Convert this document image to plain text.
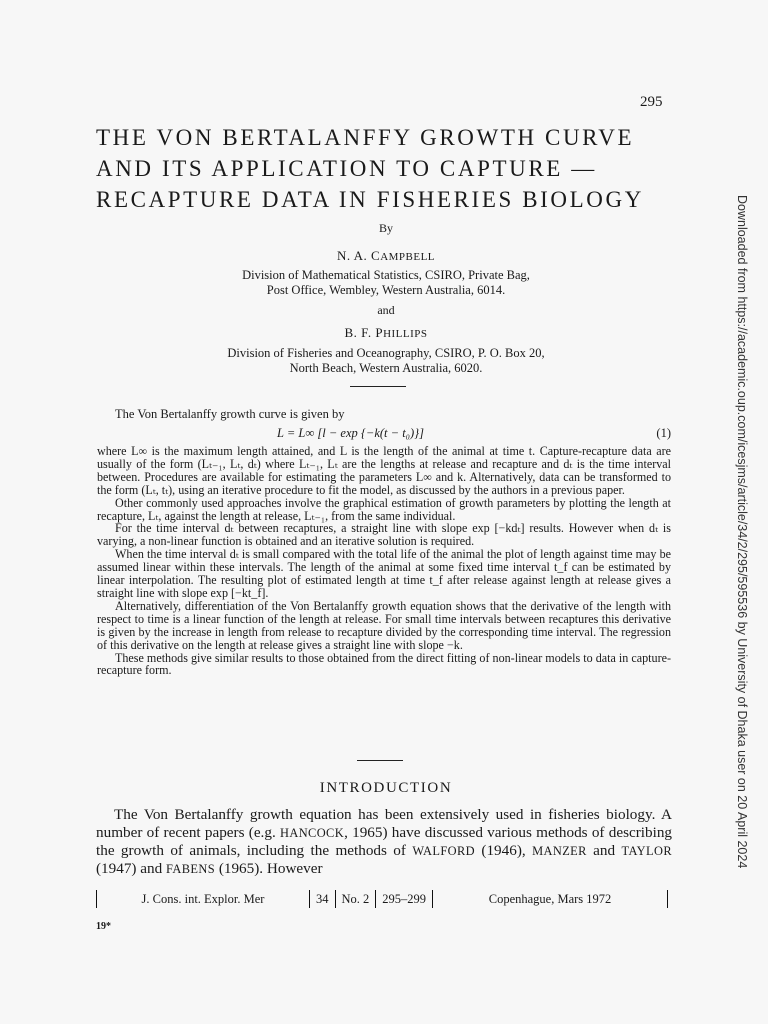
295
THE VON BERTALANFFY GROWTH CURVE
AND ITS APPLICATION TO CAPTURE —
RECAPTURE DATA IN FISHERIES BIOLOGY
By
N. A. CAMPBELL
Division of Mathematical Statistics, CSIRO, Private Bag,
Post Office, Wembley, Western Australia, 6014.
and
B. F. PHILLIPS
Division of Fisheries and Oceanography, CSIRO, P. O. Box 20,
North Beach, Western Australia, 6020.
The Von Bertalanffy growth curve is given by
L = L∞ [l − exp {−k(t − t₀)}]	(1)

where L∞ is the maximum length attained, and L is the length of the animal at time t. Capture-recapture data are usually of the form (Lₜ₋₁, Lₜ, dₜ) where Lₜ₋₁, Lₜ are the lengths at release and recapture and dₜ is the time interval between. Procedures are available for estimating the parameters L∞ and k. Alternatively, data can be transformed to the form (Lₜ, tₜ), using an iterative procedure to fit the model, as discussed by the authors in a previous paper.

Other commonly used approaches involve the graphical estimation of growth parameters by plotting the length at recapture, Lₜ, against the length at release, Lₜ₋₁, from the same individual.

For the time interval dₜ between recaptures, a straight line with slope exp [−kdₜ] results. However when dₜ is varying, a non-linear function is obtained and an iterative solution is required.

When the time interval dₜ is small compared with the total life of the animal the plot of length against time may be assumed linear within these intervals. The length of the animal at some fixed time interval t_f can be estimated by linear interpolation. The resulting plot of estimated length at time t_f after release against length at release gives a straight line with slope exp [−kt_f].

Alternatively, differentiation of the Von Bertalanffy growth equation shows that the derivative of the length with respect to time is a linear function of the length at release. For small time intervals between recaptures this derivative is given by the increase in length from release to recapture divided by the corresponding time interval. The regression of this derivative on the length at release gives a straight line with slope −k.

These methods give similar results to those obtained from the direct fitting of non-linear models to data in capture-recapture form.

INTRODUCTION

The Von Bertalanffy growth equation has been extensively used in fisheries biology. A number of recent papers (e.g. HANCOCK, 1965) have discussed various methods of describing the growth of animals, including the methods of WALFORD (1946), MANZER and TAYLOR (1947) and FABENS (1965). However

J. Cons. int. Explor. Mer	34	No. 2	295–299	Copenhague, Mars 1972
19*
Downloaded from https://academic.oup.com/icesjms/article/34/2/295/595536 by University of Dhaka user on 20 April 2024
